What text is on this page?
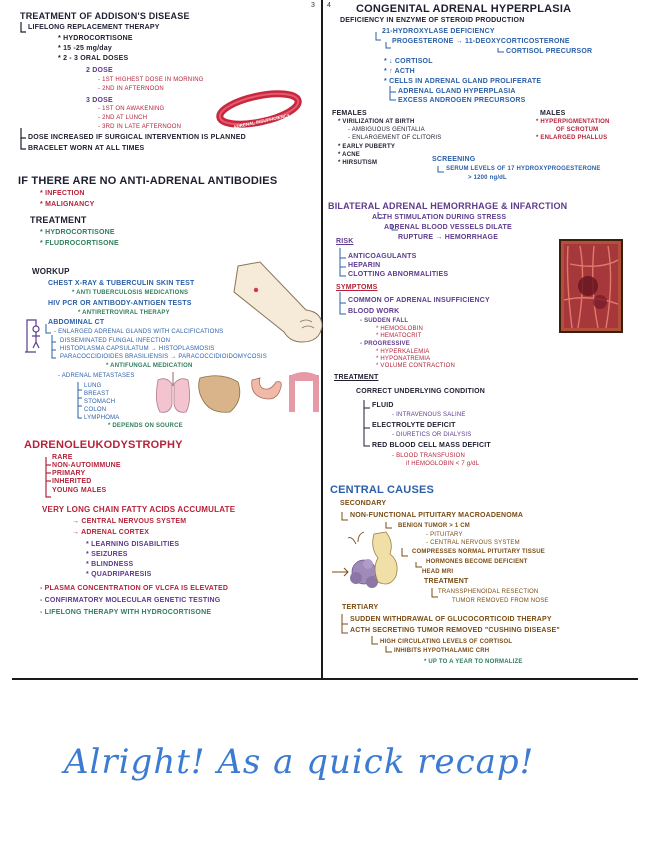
3 4
TREATMENT OF ADDISON'S DISEASE
LIFELONG REPLACEMENT THERAPY
* HYDROCORTISONE
* 15 -25 mg/day
* 2 - 3 ORAL DOSES
2 DOSE
- 1ST HIGHEST DOSE IN MORNING
- 2ND IN AFTERNOON
3 DOSE
- 1ST ON AWAKENING
- 2ND AT LUNCH
- 3RD IN LATE AFTERNOON
DOSE INCREASED IF SURGICAL INTERVENTION IS PLANNED
BRACELET WORN AT ALL TIMES
ADRENAL INSUFFICIENCY
IF THERE ARE NO ANTI-ADRENAL ANTIBODIES
* INFECTION
* MALIGNANCY
TREATMENT
* HYDROCORTISONE
* FLUDROCORTISONE
WORKUP
CHEST X-RAY & TUBERCULIN SKIN TEST
* ANTI TUBERCULOSIS MEDICATIONS
HIV PCR OR ANTIBODY-ANTIGEN TESTS
* ANTIRETROVIRAL THERAPY
ABDOMINAL CT
- ENLARGED ADRENAL GLANDS WITH CALCIFICATIONS
DISSEMINATED FUNGAL INFECTION
HISTOPLASMA CAPSULATUM → HISTOPLASMOSIS
PARACOCCIDIOIDES BRASILIENSIS → PARACOCCIDIOIDOMYCOSIS
* ANTIFUNGAL MEDICATION
- ADRENAL METASTASES
LUNG
BREAST
STOMACH
COLON
LYMPHOMA
* DEPENDS ON SOURCE
ADRENOLEUKODYSTROPHY
RARE
NON-AUTOIMMUNE
PRIMARY
INHERITED
YOUNG MALES
VERY LONG CHAIN FATTY ACIDS ACCUMULATE
→ CENTRAL NERVOUS SYSTEM
→ ADRENAL CORTEX
* LEARNING DISABILITIES
* SEIZURES
* BLINDNESS
* QUADRIPARESIS
- PLASMA CONCENTRATION OF VLCFA IS ELEVATED
- CONFIRMATORY MOLECULAR GENETIC TESTING
- LIFELONG THERAPY WITH HYDROCORTISONE
CONGENITAL ADRENAL HYPERPLASIA
DEFICIENCY IN ENZYME OF STEROID PRODUCTION
21-HYDROXYLASE DEFICIENCY
PROGESTERONE → 11-DEOXYCORTICOSTERONE
CORTISOL PRECURSOR
* ↓ CORTISOL
* ↑ ACTH
* CELLS IN ADRENAL GLAND PROLIFERATE
ADRENAL GLAND HYPERPLASIA
EXCESS ANDROGEN PRECURSORS
FEMALES
* VIRILIZATION AT BIRTH
- AMBIGUOUS GENITALIA
- ENLARGEMENT OF CLITORIS
* EARLY PUBERTY
* ACNE
* HIRSUTISM
MALES
* HYPERPIGMENTATION
OF SCROTUM
* ENLARGED PHALLUS
SCREENING
SERUM LEVELS OF 17 HYDROXYPROGESTERONE
> 1200 ng/dL
BILATERAL ADRENAL HEMORRHAGE & INFARCTION
ACTH STIMULATION DURING STRESS
ADRENAL BLOOD VESSELS DILATE
RUPTURE → HEMORRHAGE
RISK
ANTICOAGULANTS
HEPARIN
CLOTTING ABNORMALITIES
SYMPTOMS
COMMON OF ADRENAL INSUFFICIENCY
BLOOD WORK
- SUDDEN FALL
* HEMOGLOBIN
* HEMATOCRIT
- PROGRESSIVE
* HYPERKALEMIA
* HYPONATREMIA
* VOLUME CONTRACTION
TREATMENT
CORRECT UNDERLYING CONDITION
FLUID
- INTRAVENOUS SALINE
ELECTROLYTE DEFICIT
- DIURETICS OR DIALYSIS
RED BLOOD CELL MASS DEFICIT
- BLOOD TRANSFUSION
if HEMOGLOBIN < 7 g/dL
CENTRAL CAUSES
SECONDARY
NON-FUNCTIONAL PITUITARY MACROADENOMA
BENIGN TUMOR > 1 CM
- PITUITARY
- CENTRAL NERVOUS SYSTEM
COMPRESSES NORMAL PITUITARY TISSUE
HORMONES BECOME DEFICIENT
HEAD MRI
TREATMENT
TRANSSPHENOIDAL RESECTION
TUMOR REMOVED FROM NOSE
TERTIARY
SUDDEN WITHDRAWAL OF GLUCOCORTICOID THERAPY
ACTH SECRETING TUMOR REMOVED "CUSHING DISEASE"
HIGH CIRCULATING LEVELS OF CORTISOL
INHIBITS HYPOTHALAMIC CRH
* UP TO A YEAR TO NORMALIZE
Alright! As a quick recap!
